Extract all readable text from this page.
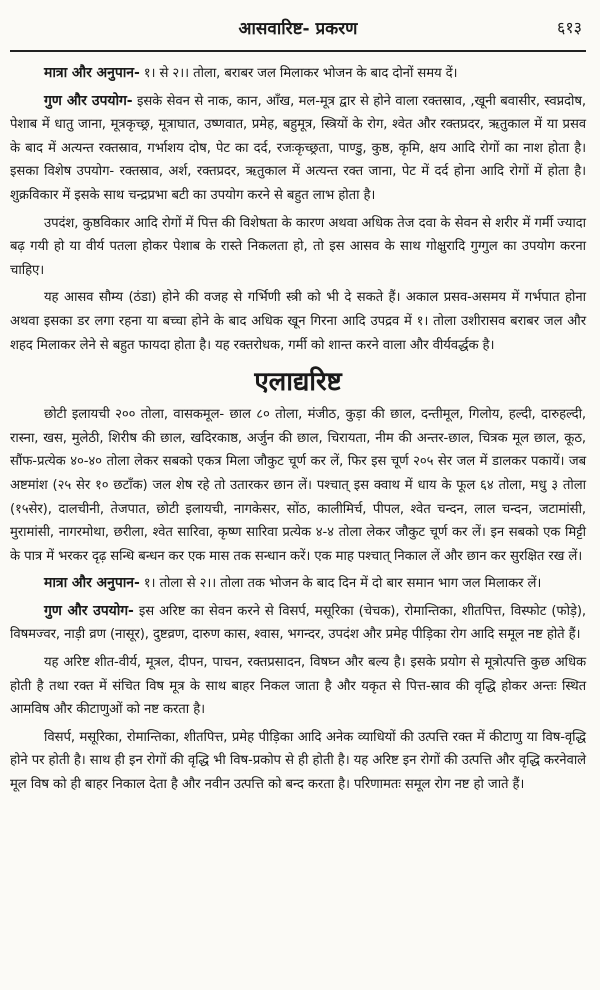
आसवारिष्ट- प्रकरण	६१३

मात्रा और अनुपान- १। से २।। तोला, बराबर जल मिलाकर भोजन के बाद दोनों समय दें।

गुण और उपयोग- इसके सेवन से नाक, कान, आँख, मल-मूत्र द्वार से होने वाला रक्तस्राव, ,खूनी बवासीर, स्वप्नदोष, पेशाब में धातु जाना, मूत्रकृच्छ्र, मूत्राघात, उष्णवात, प्रमेह, बहुमूत्र, स्त्रियों के रोग, श्वेत और रक्तप्रदर, ऋतुकाल में या प्रसव के बाद में अत्यन्त रक्तस्राव, गर्भाशय दोष, पेट का दर्द, रजःकृच्छ्रता, पाण्डु, कुष्ठ, कृमि, क्षय आदि रोगों का नाश होता है। इसका विशेष उपयोग- रक्तस्राव, अर्श, रक्तप्रदर, ऋतुकाल में अत्यन्त रक्त जाना, पेट में दर्द होना आदि रोगों में होता है। शुक्रविकार में इसके साथ चन्द्रप्रभा बटी का उपयोग करने से बहुत लाभ होता है।

उपदंश, कुष्ठविकार आदि रोगों में पित्त की विशेषता के कारण अथवा अधिक तेज दवा के सेवन से शरीर में गर्मी ज्यादा बढ़ गयी हो या वीर्य पतला होकर पेशाब के रास्ते निकलता हो, तो इस आसव के साथ गोक्षुरादि गुग्गुल का उपयोग करना चाहिए।

यह आसव सौम्य (ठंडा) होने की वजह से गर्भिणी स्त्री को भी दे सकते हैं। अकाल प्रसव-असमय में गर्भपात होना अथवा इसका डर लगा रहना या बच्चा होने के बाद अधिक खून गिरना आदि उपद्रव में १। तोला उशीरासव बराबर जल और शहद मिलाकर लेने से बहुत फायदा होता है। यह रक्तरोधक, गर्मी को शान्त करने वाला और वीर्यवर्द्धक है।

एलाद्यरिष्ट

छोटी इलायची २०० तोला, वासकमूल- छाल ८० तोला, मंजीठ, कुड़ा की छाल, दन्तीमूल, गिलोय, हल्दी, दारुहल्दी, रास्ना, खस, मुलेठी, शिरीष की छाल, खदिरकाष्ठ, अर्जुन की छाल, चिरायता, नीम की अन्तर-छाल, चित्रक मूल छाल, कूठ, सौंफ-प्रत्येक ४०-४० तोला लेकर सबको एकत्र मिला जौकुट चूर्ण कर लें, फिर इस चूर्ण २०५ सेर जल में डालकर पकायें। जब अष्टमांश (२५ सेर १० छटाँक) जल शेष रहे तो उतारकर छान लें। पश्चात् इस क्वाथ में धाय के फूल ६४ तोला, मधु ३ तोला (१५सेर), दालचीनी, तेजपात, छोटी इलायची, नागकेसर, सोंठ, कालीमिर्च, पीपल, श्वेत चन्दन, लाल चन्दन, जटामांसी, मुरामांसी, नागरमोथा, छरीला, श्वेत सारिवा, कृष्ण सारिवा प्रत्येक ४-४ तोला लेकर जौकुट चूर्ण कर लें। इन सबको एक मिट्टी के पात्र में भरकर दृढ़ सन्धि बन्धन कर एक मास तक सन्धान करें। एक माह पश्चात् निकाल लें और छान कर सुरक्षित रख लें।

मात्रा और अनुपान- १। तोला से २।। तोला तक भोजन के बाद दिन में दो बार समान भाग जल मिलाकर लें।

गुण और उपयोग- इस अरिष्ट का सेवन करने से विसर्प, मसूरिका (चेचक), रोमान्तिका, शीतपित्त, विस्फोट (फोड़े), विषमज्वर, नाड़ी व्रण (नासूर), दुष्टव्रण, दारुण कास, श्वास, भगन्दर, उपदंश और प्रमेह पीड़िका रोग आदि समूल नष्ट होते हैं।

यह अरिष्ट शीत-वीर्य, मूत्रल, दीपन, पाचन, रक्तप्रसादन, विषघ्न और बल्य है। इसके प्रयोग से मूत्रोत्पत्ति कुछ अधिक होती है तथा रक्त में संचित विष मूत्र के साथ बाहर निकल जाता है और यकृत से पित्त-स्राव की वृद्धि होकर अन्तः स्थित आमविष और कीटाणुओं को नष्ट करता है।

विसर्प, मसूरिका, रोमान्तिका, शीतपित्त, प्रमेह पीड़िका आदि अनेक व्याधियों की उत्पत्ति रक्त में कीटाणु या विष-वृद्धि होने पर होती है। साथ ही इन रोगों की वृद्धि भी विष-प्रकोप से ही होती है। यह अरिष्ट इन रोगों की उत्पत्ति और वृद्धि करनेवाले मूल विष को ही बाहर निकाल देता है और नवीन उत्पत्ति को बन्द करता है। परिणामतः समूल रोग नष्ट हो जाते हैं।
